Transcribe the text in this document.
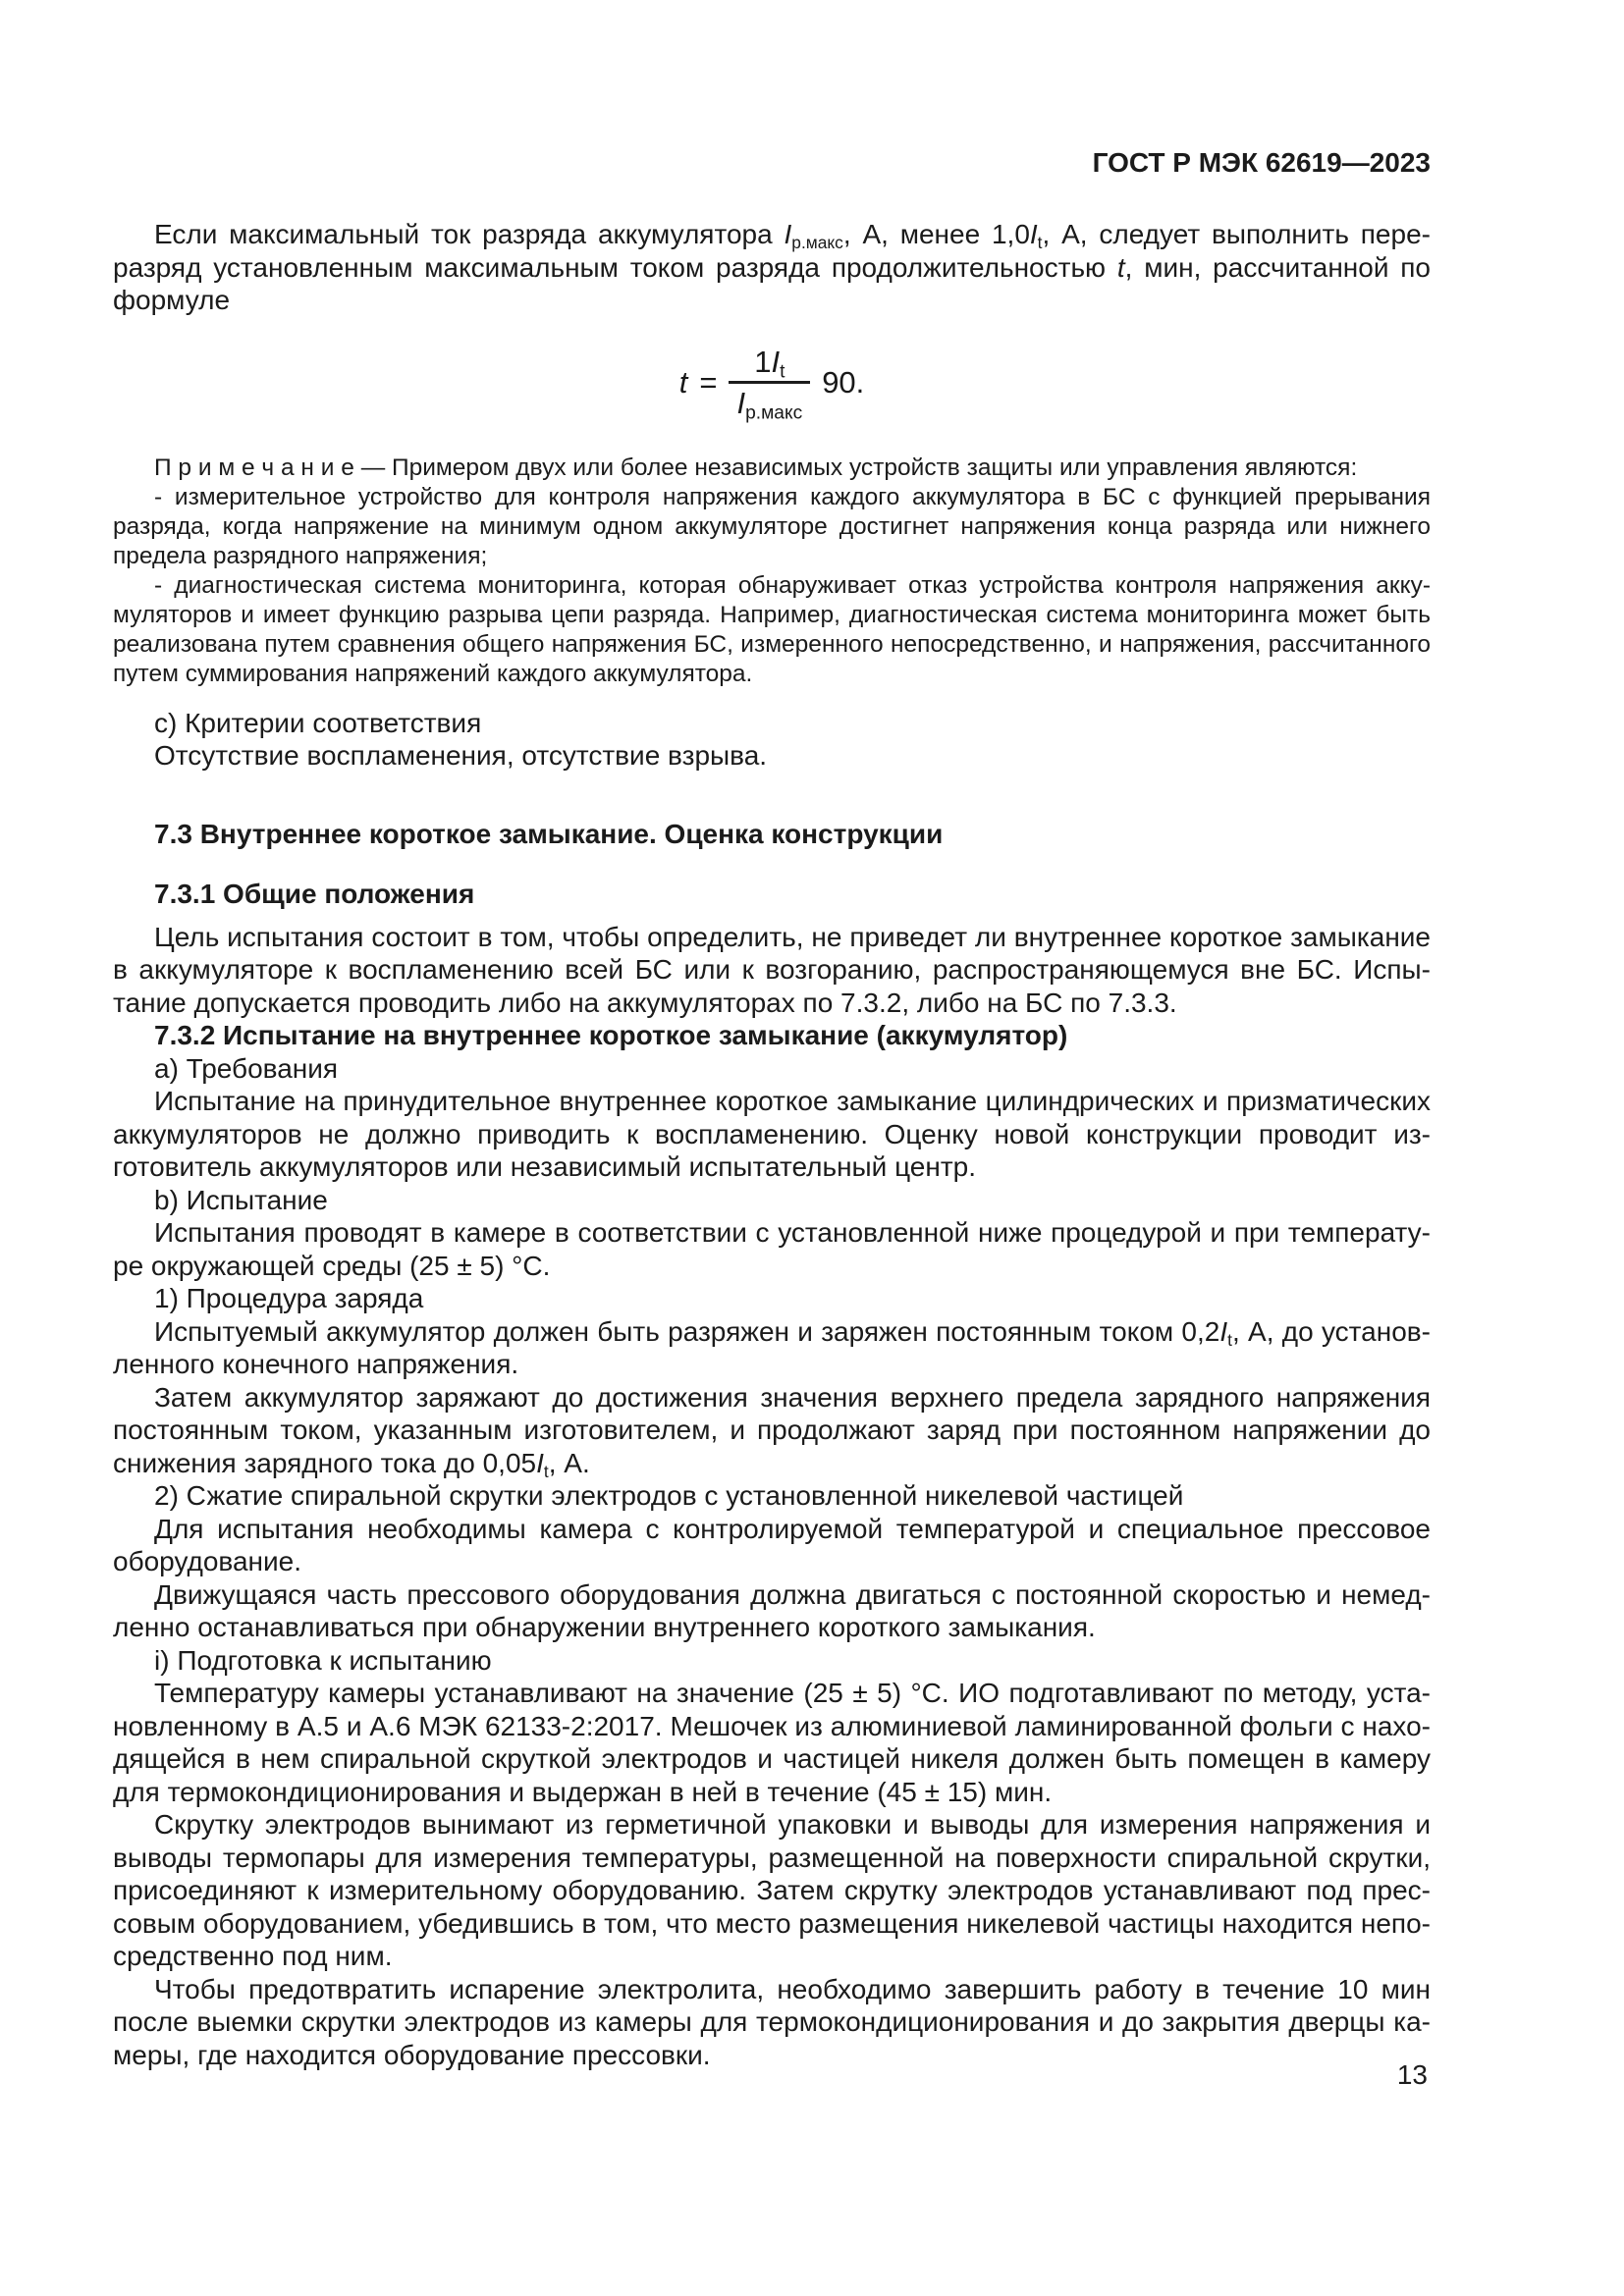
ГОСТ Р МЭК 62619—2023

Если максимальный ток разряда аккумулятора $I_{р.макс}$, А, менее $1,0I_t$, А, следует выполнить переразряд установленным максимальным током разряда продолжительностью t, мин, рассчитанной по формуле

$t = \frac{1I_t}{I_{р.макс}} 90$.

П р и м е ч а н и е — Примером двух или более независимых устройств защиты или управления являются:

- измерительное устройство для контроля напряжения каждого аккумулятора в БС с функцией прерывания разряда, когда напряжение на минимум одном аккумуляторе достигнет напряжения конца разряда или нижнего предела разрядного напряжения;

- диагностическая система мониторинга, которая обнаруживает отказ устройства контроля напряжения аккумуляторов и имеет функцию разрыва цепи разряда. Например, диагностическая система мониторинга может быть реализована путем сравнения общего напряжения БС, измеренного непосредственно, и напряжения, рассчитанного путем суммирования напряжений каждого аккумулятора.

c) Критерии соответствия

Отсутствие воспламенения, отсутствие взрыва.

7.3 Внутреннее короткое замыкание. Оценка конструкции

7.3.1 Общие положения

Цель испытания состоит в том, чтобы определить, не приведет ли внутреннее короткое замыкание в аккумуляторе к воспламенению всей БС или к возгоранию, распространяющемуся вне БС. Испытание допускается проводить либо на аккумуляторах по 7.3.2, либо на БС по 7.3.3.

7.3.2 Испытание на внутреннее короткое замыкание (аккумулятор)

a) Требования

Испытание на принудительное внутреннее короткое замыкание цилиндрических и призматических аккумуляторов не должно приводить к воспламенению. Оценку новой конструкции проводит изготовитель аккумуляторов или независимый испытательный центр.

b) Испытание

Испытания проводят в камере в соответствии с установленной ниже процедурой и при температуре окружающей среды (25 ± 5) °C.

1) Процедура заряда

Испытуемый аккумулятор должен быть разряжен и заряжен постоянным током $0,2I_t$, А, до установленного конечного напряжения.

Затем аккумулятор заряжают до достижения значения верхнего предела зарядного напряжения постоянным током, указанным изготовителем, и продолжают заряд при постоянном напряжении до снижения зарядного тока до $0,05I_t$, А.

2) Сжатие спиральной скрутки электродов с установленной никелевой частицей

Для испытания необходимы камера с контролируемой температурой и специальное прессовое оборудование.

Движущаяся часть прессового оборудования должна двигаться с постоянной скоростью и немедленно останавливаться при обнаружении внутреннего короткого замыкания.

i) Подготовка к испытанию

Температуру камеры устанавливают на значение (25 ± 5) °C. ИО подготавливают по методу, установленному в А.5 и А.6 МЭК 62133-2:2017. Мешочек из алюминиевой ламинированной фольги с находящейся в нем спиральной скруткой электродов и частицей никеля должен быть помещен в камеру для термокондиционирования и выдержан в ней в течение (45 ± 15) мин.

Скрутку электродов вынимают из герметичной упаковки и выводы для измерения напряжения и выводы термопары для измерения температуры, размещенной на поверхности спиральной скрутки, присоединяют к измерительному оборудованию. Затем скрутку электродов устанавливают под прессовым оборудованием, убедившись в том, что место размещения никелевой частицы находится непосредственно под ним.

Чтобы предотвратить испарение электролита, необходимо завершить работу в течение 10 мин после выемки скрутки электродов из камеры для термокондиционирования и до закрытия дверцы камеры, где находится оборудование прессовки.

13
